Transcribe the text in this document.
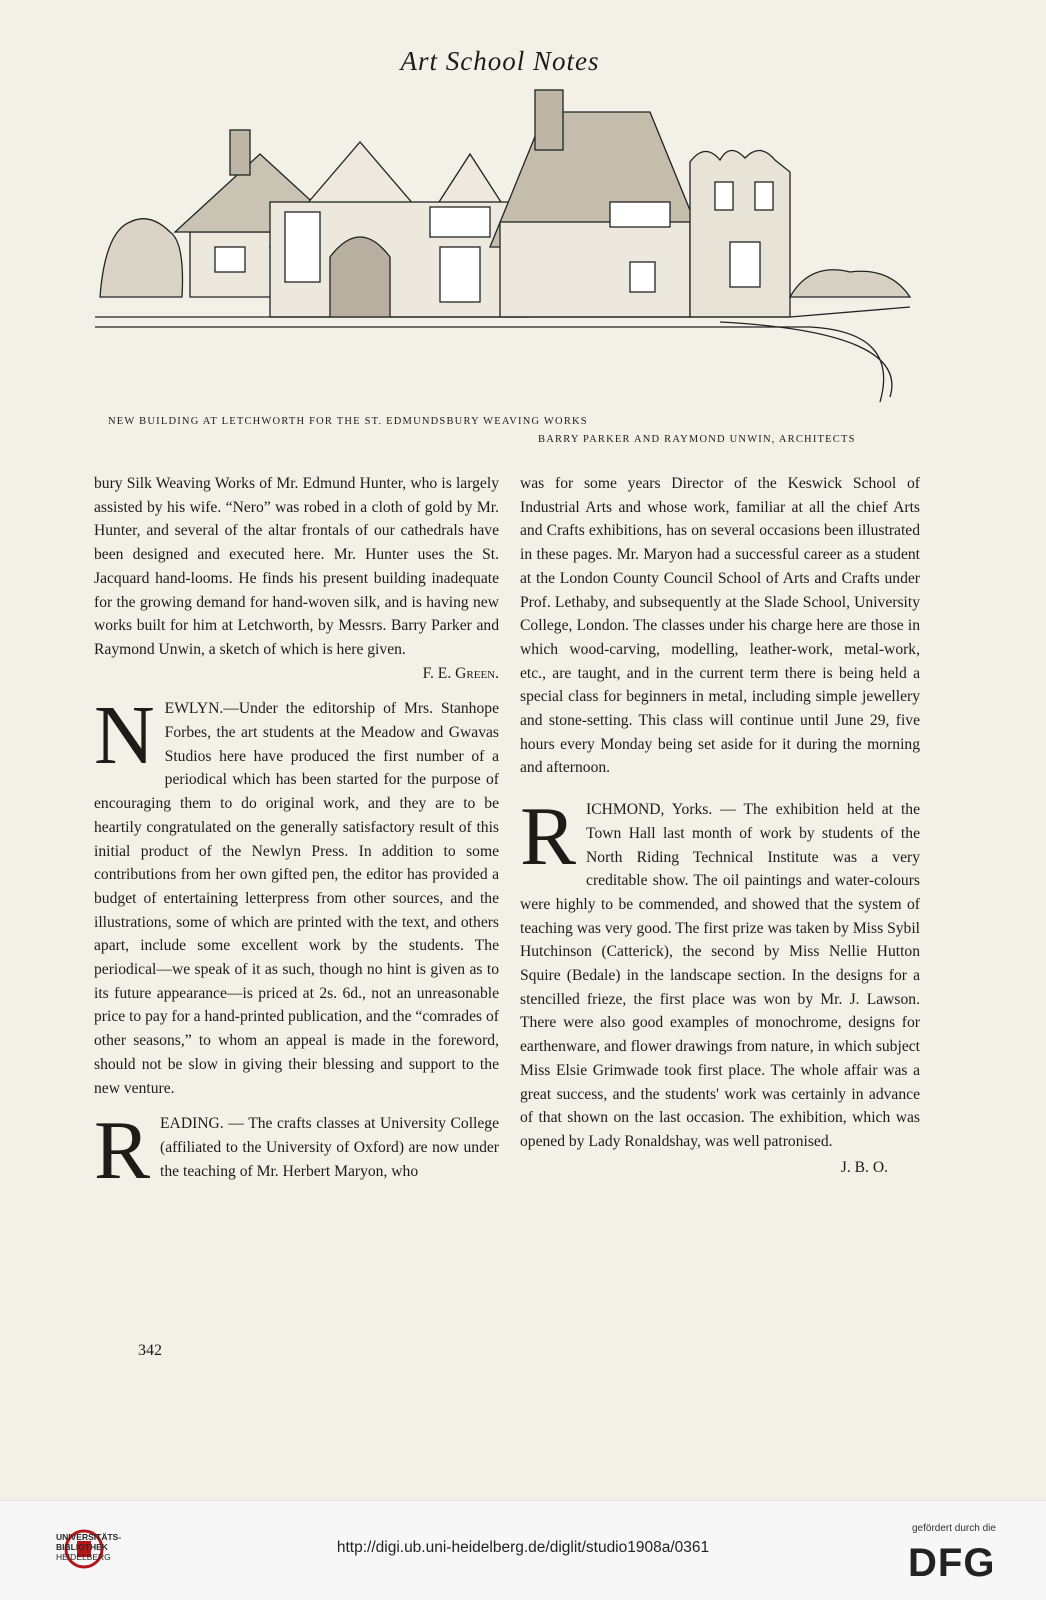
Art School Notes
NEW BUILDING AT LETCHWORTH FOR THE ST. EDMUNDSBURY WEAVING WORKS
BARRY PARKER AND RAYMOND UNWIN, ARCHITECTS

bury Silk Weaving Works of Mr. Edmund Hunter, who is largely assisted by his wife. “Nero” was robed in a cloth of gold by Mr. Hunter, and several of the altar frontals of our cathedrals have been designed and executed here. Mr. Hunter uses the St. Jacquard hand-looms. He finds his present building inadequate for the growing demand for hand-woven silk, and is having new works built for him at Letchworth, by Messrs. Barry Parker and Raymond Unwin, a sketch of which is here given.

F. E. Green.

NEWLYN.—Under the editorship of Mrs. Stanhope Forbes, the art students at the Meadow and Gwavas Studios here have produced the first number of a periodical which has been started for the purpose of encouraging them to do original work, and they are to be heartily congratulated on the generally satisfactory result of this initial product of the Newlyn Press. In addition to some contributions from her own gifted pen, the editor has provided a budget of entertaining letterpress from other sources, and the illustrations, some of which are printed with the text, and others apart, include some excellent work by the students. The periodical—we speak of it as such, though no hint is given as to its future appearance—is priced at 2s. 6d., not an unreasonable price to pay for a hand-printed publication, and the “comrades of other seasons,” to whom an appeal is made in the foreword, should not be slow in giving their blessing and support to the new venture.

READING. — The crafts classes at University College (affiliated to the University of Oxford) are now under the teaching of Mr. Herbert Maryon, who

was for some years Director of the Keswick School of Industrial Arts and whose work, familiar at all the chief Arts and Crafts exhibitions, has on several occasions been illustrated in these pages. Mr. Maryon had a successful career as a student at the London County Council School of Arts and Crafts under Prof. Lethaby, and subsequently at the Slade School, University College, London. The classes under his charge here are those in which wood-carving, modelling, leather-work, metal-work, etc., are taught, and in the current term there is being held a special class for beginners in metal, including simple jewellery and stone-setting. This class will continue until June 29, five hours every Monday being set aside for it during the morning and afternoon.

RICHMOND, Yorks. — The exhibition held at the Town Hall last month of work by students of the North Riding Technical Institute was a very creditable show. The oil paintings and water-colours were highly to be commended, and showed that the system of teaching was very good. The first prize was taken by Miss Sybil Hutchinson (Catterick), the second by Miss Nellie Hutton Squire (Bedale) in the landscape section. In the designs for a stencilled frieze, the first place was won by Mr. J. Lawson. There were also good examples of monochrome, designs for earthenware, and flower drawings from nature, in which subject Miss Elsie Grimwade took first place. The whole affair was a great success, and the students' work was certainly in advance of that shown on the last occasion. The exhibition, which was opened by Lady Ronaldshay, was well patronised.

J. B. O.

342
UNIVERSITÄTS-
BIBLIOTHEK
HEIDELBERG
http://digi.ub.uni-heidelberg.de/diglit/studio1908a/0361
gefördert durch die
DFG
